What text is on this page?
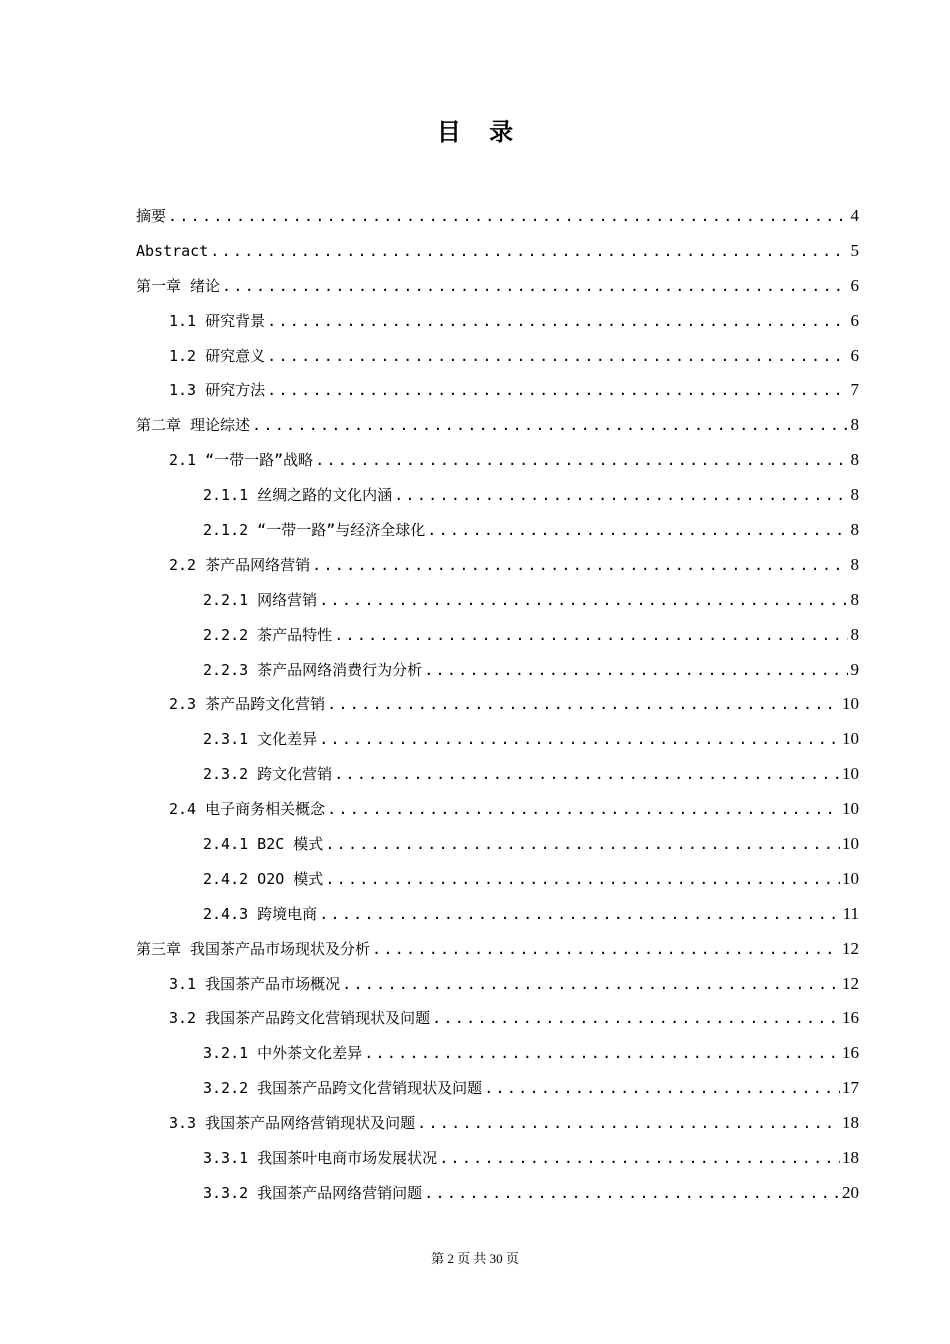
目 录
摘要 .....	4
Abstract .....	5
第一章 绪论 .....	6
1.1 研究背景 .....	6
1.2 研究意义 .....	6
1.3 研究方法 .....	7
第二章 理论综述 .....	8
2.1 “一带一路”战略 .....	8
2.1.1 丝绸之路的文化内涵 .....	8
2.1.2 “一带一路”与经济全球化 .....	8
2.2 茶产品网络营销 .....	8
2.2.1 网络营销 .....	8
2.2.2 茶产品特性 .....	8
2.2.3 茶产品网络消费行为分析 .....	9
2.3 茶产品跨文化营销 .....	10
2.3.1 文化差异 .....	10
2.3.2 跨文化营销 .....	10
2.4 电子商务相关概念 .....	10
2.4.1 B2C 模式 .....	10
2.4.2 O2O 模式 .....	10
2.4.3 跨境电商 .....	11
第三章 我国茶产品市场现状及分析 .....	12
3.1 我国茶产品市场概况 .....	12
3.2 我国茶产品跨文化营销现状及问题 .....	16
3.2.1 中外茶文化差异 .....	16
3.2.2 我国茶产品跨文化营销现状及问题 .....	17
3.3 我国茶产品网络营销现状及问题 .....	18
3.3.1 我国茶叶电商市场发展状况 .....	18
3.3.2 我国茶产品网络营销问题 .....	20
第 2 页 共 30 页
